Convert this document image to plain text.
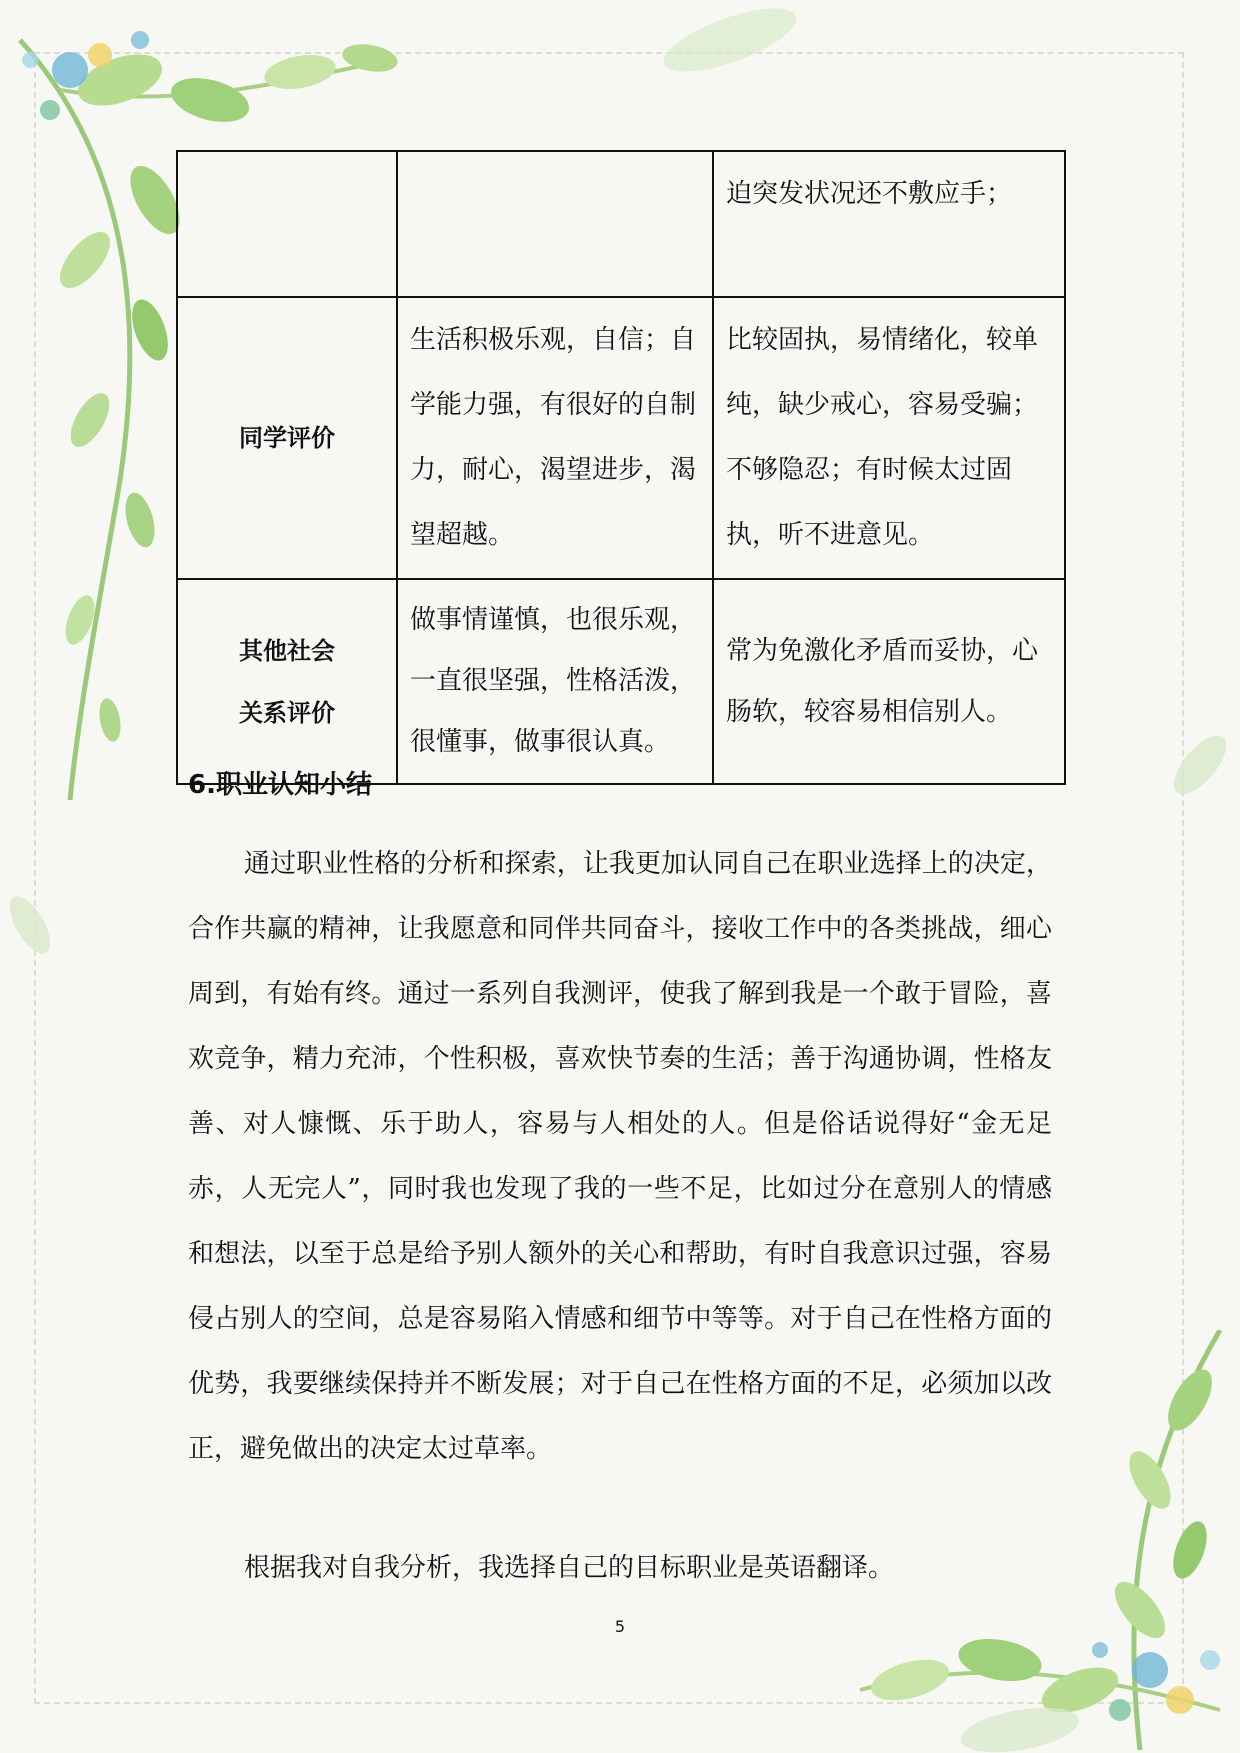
		迫突发状况还不敷应手；
同学评价	生活积极乐观，自信；自学能力强，有很好的自制力，耐心，渴望进步，渴望超越。	比较固执，易情绪化，较单纯，缺少戒心，容易受骗；不够隐忍；有时候太过固执，听不进意见。
其他社会关系评价	做事情谨慎，也很乐观，一直很坚强，性格活泼，很懂事，做事很认真。	常为免激化矛盾而妥协，心肠软，较容易相信别人。
6.职业认知小结

通过职业性格的分析和探索，让我更加认同自己在职业选择上的决定，合作共赢的精神，让我愿意和同伴共同奋斗，接收工作中的各类挑战，细心周到，有始有终。通过一系列自我测评，使我了解到我是一个敢于冒险，喜欢竞争，精力充沛，个性积极，喜欢快节奏的生活；善于沟通协调，性格友善、对人慷慨、乐于助人，容易与人相处的人。但是俗话说得好“金无足赤，人无完人”，同时我也发现了我的一些不足，比如过分在意别人的情感和想法，以至于总是给予别人额外的关心和帮助，有时自我意识过强，容易侵占别人的空间，总是容易陷入情感和细节中等等。对于自己在性格方面的优势，我要继续保持并不断发展；对于自己在性格方面的不足，必须加以改正，避免做出的决定太过草率。

根据我对自我分析，我选择自己的目标职业是英语翻译。

5
